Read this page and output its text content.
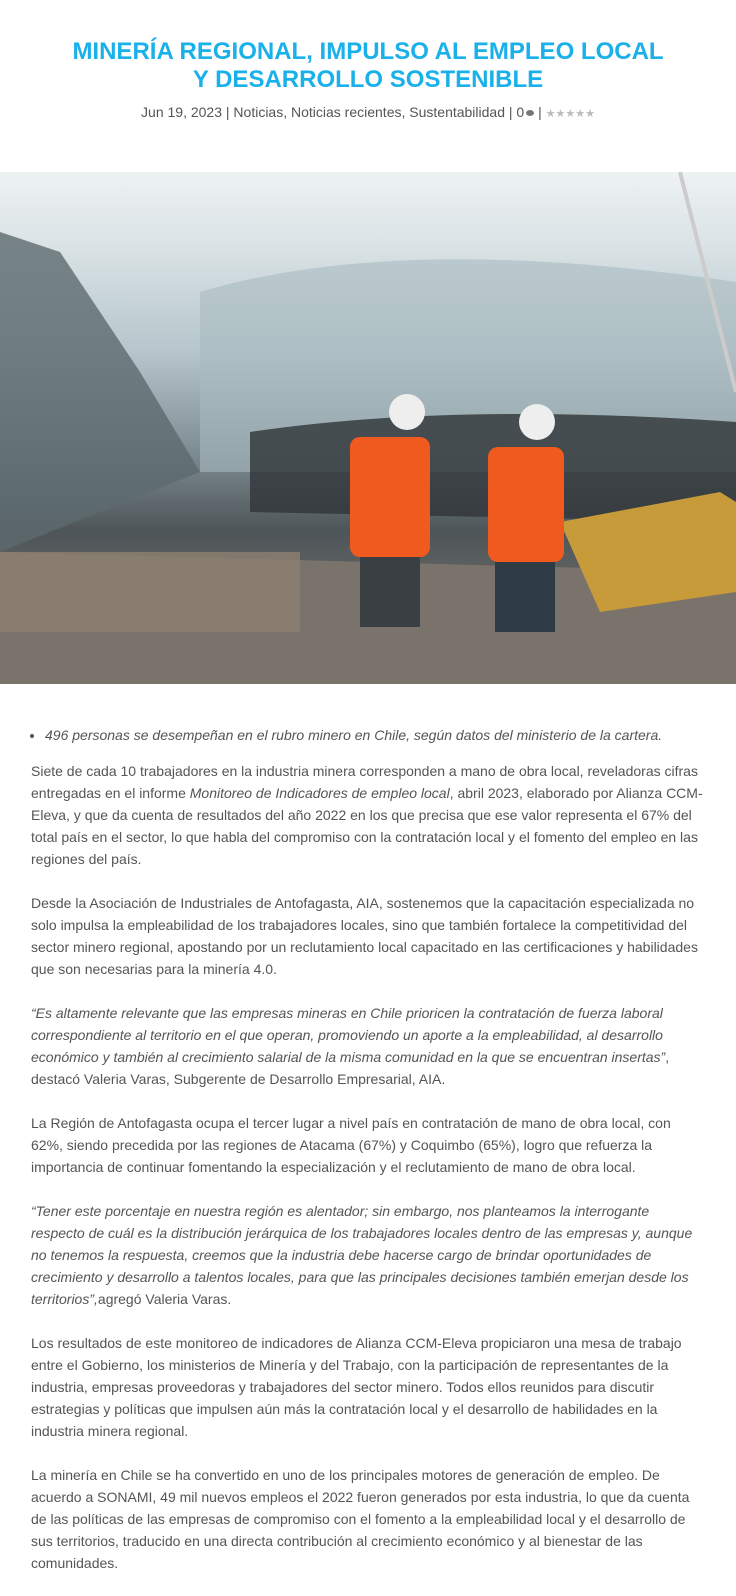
MINERÍA REGIONAL, IMPULSO AL EMPLEO LOCAL Y DESARROLLO SOSTENIBLE
Jun 19, 2023 | Noticias, Noticias recientes, Sustentabilidad | 0 | ★★★★★
• 496 personas se desempeñan en el rubro minero en Chile, según datos del ministerio de la cartera.

Siete de cada 10 trabajadores en la industria minera corresponden a mano de obra local, reveladoras cifras entregadas en el informe Monitoreo de Indicadores de empleo local, abril 2023, elaborado por Alianza CCM-Eleva, y que da cuenta de resultados del año 2022 en los que precisa que ese valor representa el 67% del total país en el sector, lo que habla del compromiso con la contratación local y el fomento del empleo en las regiones del país.

Desde la Asociación de Industriales de Antofagasta, AIA, sostenemos que la capacitación especializada no solo impulsa la empleabilidad de los trabajadores locales, sino que también fortalece la competitividad del sector minero regional, apostando por un reclutamiento local capacitado en las certificaciones y habilidades que son necesarias para la minería 4.0.

“Es altamente relevante que las empresas mineras en Chile prioricen la contratación de fuerza laboral correspondiente al territorio en el que operan, promoviendo un aporte a la empleabilidad, al desarrollo económico y también al crecimiento salarial de la misma comunidad en la que se encuentran insertas”, destacó Valeria Varas, Subgerente de Desarrollo Empresarial, AIA.

La Región de Antofagasta ocupa el tercer lugar a nivel país en contratación de mano de obra local, con 62%, siendo precedida por las regiones de Atacama (67%) y Coquimbo (65%), logro que refuerza la importancia de continuar fomentando la especialización y el reclutamiento de mano de obra local.

“Tener este porcentaje en nuestra región es alentador; sin embargo, nos planteamos la interrogante respecto de cuál es la distribución jerárquica de los trabajadores locales dentro de las empresas y, aunque no tenemos la respuesta, creemos que la industria debe hacerse cargo de brindar oportunidades de crecimiento y desarrollo a talentos locales, para que las principales decisiones también emerjan desde los territorios”,agregó Valeria Varas.

Los resultados de este monitoreo de indicadores de Alianza CCM-Eleva propiciaron una mesa de trabajo entre el Gobierno, los ministerios de Minería y del Trabajo, con la participación de representantes de la industria, empresas proveedoras y trabajadores del sector minero. Todos ellos reunidos para discutir estrategias y políticas que impulsen aún más la contratación local y el desarrollo de habilidades en la industria minera regional.

La minería en Chile se ha convertido en uno de los principales motores de generación de empleo. De acuerdo a SONAMI, 49 mil nuevos empleos el 2022 fueron generados por esta industria, lo que da cuenta de las políticas de las empresas de compromiso con el fomento a la empleabilidad local y el desarrollo de sus territorios, traducido en una directa contribución al crecimiento económico y al bienestar de las comunidades.
